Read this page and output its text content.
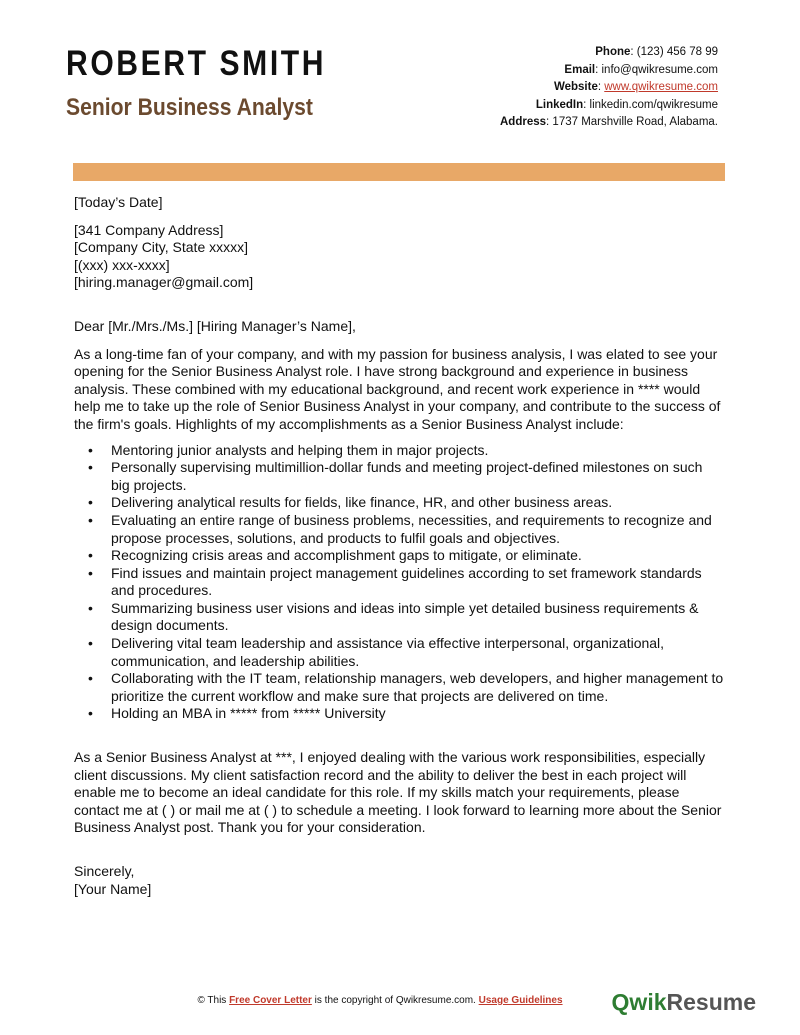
ROBERT SMITH
Senior Business Analyst
Phone: (123) 456 78 99
Email: info@qwikresume.com
Website: www.qwikresume.com
LinkedIn: linkedin.com/qwikresume
Address: 1737 Marshville Road, Alabama.

[Today’s Date]

[341 Company Address]

[Company City, State xxxxx]

[(xxx) xxx-xxxx]

[hiring.manager@gmail.com]

Dear [Mr./Mrs./Ms.] [Hiring Manager’s Name],

As a long-time fan of your company, and with my passion for business analysis, I was elated to see your opening for the Senior Business Analyst role. I have strong background and experience in business analysis. These combined with my educational background, and recent work experience in **** would help me to take up the role of Senior Business Analyst in your company, and contribute to the success of the firm's goals. Highlights of my accomplishments as a Senior Business Analyst include:

• Mentoring junior analysts and helping them in major projects.
• Personally supervising multimillion-dollar funds and meeting project-defined milestones on such big projects.
• Delivering analytical results for fields, like finance, HR, and other business areas.
• Evaluating an entire range of business problems, necessities, and requirements to recognize and propose processes, solutions, and products to fulfil goals and objectives.
• Recognizing crisis areas and accomplishment gaps to mitigate, or eliminate.
• Find issues and maintain project management guidelines according to set framework standards and procedures.
• Summarizing business user visions and ideas into simple yet detailed business requirements & design documents.
• Delivering vital team leadership and assistance via effective interpersonal, organizational, communication, and leadership abilities.
• Collaborating with the IT team, relationship managers, web developers, and higher management to prioritize the current workflow and make sure that projects are delivered on time.
• Holding an MBA in ***** from ***** University

As a Senior Business Analyst at ***, I enjoyed dealing with the various work responsibilities, especially client discussions. My client satisfaction record and the ability to deliver the best in each project will enable me to become an ideal candidate for this role. If my skills match your requirements, please contact me at ( ) or mail me at ( ) to schedule a meeting. I look forward to learning more about the Senior Business Analyst post. Thank you for your consideration.

Sincerely,

[Your Name]

© This Free Cover Letter is the copyright of Qwikresume.com. Usage Guidelines	QwikResume
